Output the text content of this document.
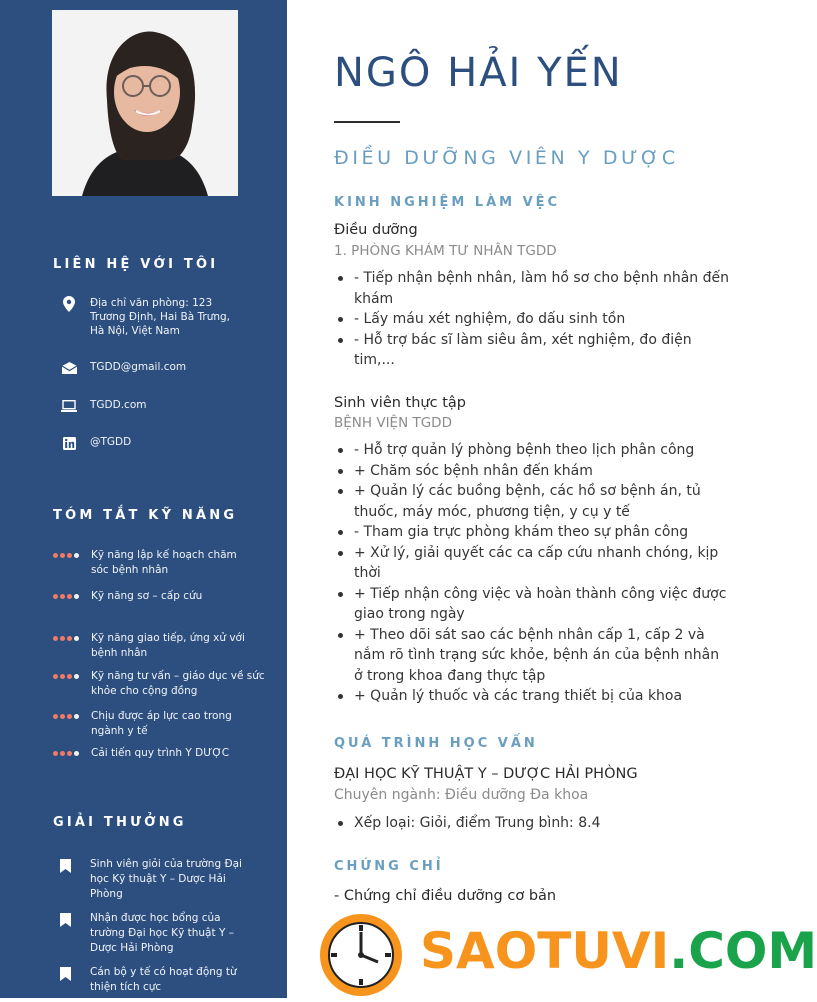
LIÊN HỆ VỚI TÔI
Địa chỉ văn phòng: 123
Trương Định, Hai Bà Trưng,
Hà Nội, Việt Nam
TGDD@gmail.com
TGDD.com
@TGDD
TÓM TẮT KỸ NĂNG
Kỹ năng lập kế hoạch chăm
sóc bệnh nhân
Kỹ năng sơ – cấp cứu
Kỹ năng giao tiếp, ứng xử với
bệnh nhân
Kỹ năng tư vấn – giáo dục về sức
khỏe cho cộng đồng
Chịu được áp lực cao trong
ngành y tế
Cải tiến quy trình Y DƯỢC
GIẢI THƯỞNG
Sinh viên giỏi của trường Đại
học Kỹ thuật Y – Dược Hải
Phòng
Nhận được học bổng của
trường Đại học Kỹ thuật Y –
Dược Hải Phòng
Cán bộ y tế có hoạt động từ
thiện tích cực
NGÔ HẢI YẾN
ĐIỀU DƯỠNG VIÊN Y DƯỢC
KINH NGHIỆM LÀM VỆC
Điều dưỡng
1. PHÒNG KHÁM TƯ NHÂN TGDD
- Tiếp nhận bệnh nhân, làm hồ sơ cho bệnh nhân đến
khám
- Lấy máu xét nghiệm, đo dấu sinh tồn
- Hỗ trợ bác sĩ làm siêu âm, xét nghiệm, đo điện
tim,...
Sinh viên thực tập
BỆNH VIỆN TGDD
- Hỗ trợ quản lý phòng bệnh theo lịch phân công
+ Chăm sóc bệnh nhân đến khám
+ Quản lý các buồng bệnh, các hồ sơ bệnh án, tủ
thuốc, máy móc, phương tiện, y cụ y tế
- Tham gia trực phòng khám theo sự phân công
+ Xử lý, giải quyết các ca cấp cứu nhanh chóng, kịp
thời
+ Tiếp nhận công việc và hoàn thành công việc được
giao trong ngày
+ Theo dõi sát sao các bệnh nhân cấp 1, cấp 2 và
nắm rõ tình trạng sức khỏe, bệnh án của bệnh nhân
ở trong khoa đang thực tập
+ Quản lý thuốc và các trang thiết bị của khoa
QUÁ TRÌNH HỌC VẤN
ĐẠI HỌC KỸ THUẬT Y – DƯỢC HẢI PHÒNG
Chuyên ngành: Điều dưỡng Đa khoa
Xếp loại: Giỏi, điểm Trung bình: 8.4
CHỨNG CHỈ
- Chứng chỉ điều dưỡng cơ bản
SAOTUVI.COM
